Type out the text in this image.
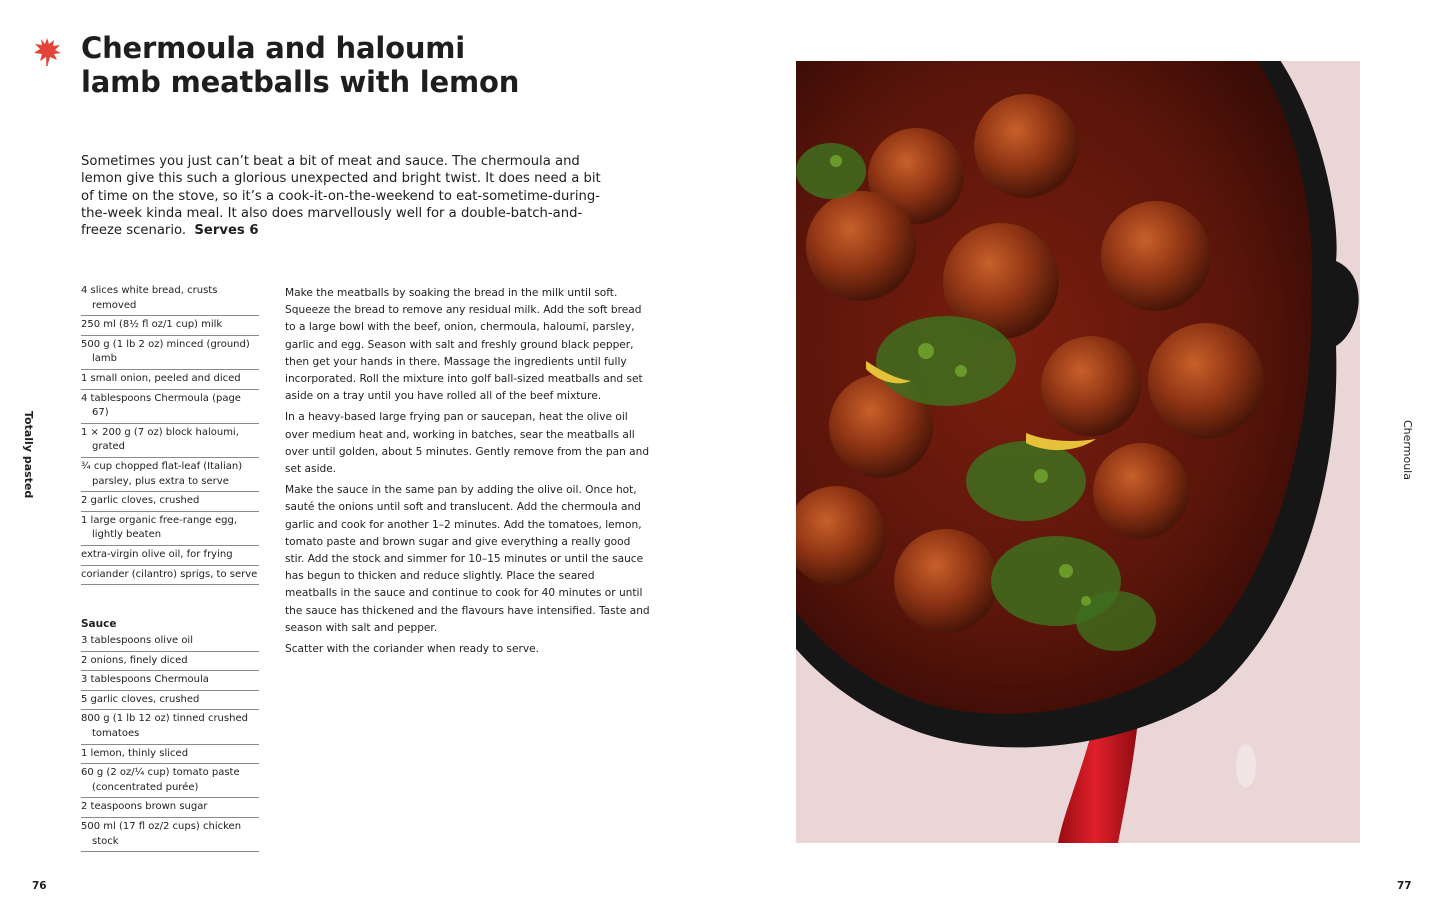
Chermoula and haloumi
lamb meatballs with lemon

Sometimes you just can’t beat a bit of meat and sauce. The chermoula and lemon give this such a glorious unexpected and bright twist. It does need a bit of time on the stove, so it’s a cook-it-on-the-weekend to eat-sometime-during-the-week kinda meal. It also does marvellously well for a double-batch-and-freeze scenario. Serves 6

4 slices white bread, crusts removed
250 ml (8½ fl oz/1 cup) milk
500 g (1 lb 2 oz) minced (ground) lamb
1 small onion, peeled and diced
4 tablespoons Chermoula (page 67)
1 × 200 g (7 oz) block haloumi, grated
¾ cup chopped flat-leaf (Italian) parsley, plus extra to serve
2 garlic cloves, crushed
1 large organic free-range egg, lightly beaten
extra-virgin olive oil, for frying
coriander (cilantro) sprigs, to serve
Sauce
3 tablespoons olive oil
2 onions, finely diced
3 tablespoons Chermoula
5 garlic cloves, crushed
800 g (1 lb 12 oz) tinned crushed tomatoes
1 lemon, thinly sliced
60 g (2 oz/¼ cup) tomato paste (concentrated purée)
2 teaspoons brown sugar
500 ml (17 fl oz/2 cups) chicken stock

Make the meatballs by soaking the bread in the milk until soft. Squeeze the bread to remove any residual milk. Add the soft bread to a large bowl with the beef, onion, chermoula, haloumi, parsley, garlic and egg. Season with salt and freshly ground black pepper, then get your hands in there. Massage the ingredients until fully incorporated. Roll the mixture into golf ball-sized meatballs and set aside on a tray until you have rolled all of the beef mixture.

In a heavy-based large frying pan or saucepan, heat the olive oil over medium heat and, working in batches, sear the meatballs all over until golden, about 5 minutes. Gently remove from the pan and set aside.

Make the sauce in the same pan by adding the olive oil. Once hot, sauté the onions until soft and translucent. Add the chermoula and garlic and cook for another 1–2 minutes. Add the tomatoes, lemon, tomato paste and brown sugar and give everything a really good stir. Add the stock and simmer for 10–15 minutes or until the sauce has begun to thicken and reduce slightly. Place the seared meatballs in the sauce and continue to cook for 40 minutes or until the sauce has thickened and the flavours have intensified. Taste and season with salt and pepper.

Scatter with the coriander when ready to serve.

Totally pasted	Chermoula
76	77
